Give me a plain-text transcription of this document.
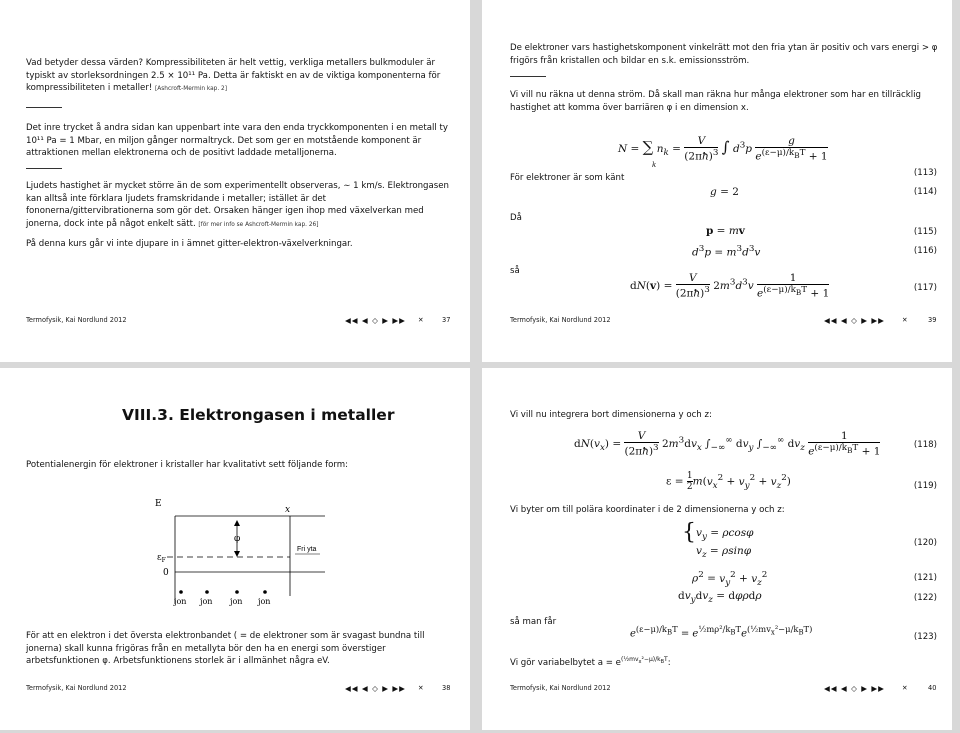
Vad betyder dessa värden? Kompressibiliteten är helt vettig, verkliga metallers bulkmoduler är typiskt av storleksordningen 2.5 × 10¹¹ Pa. Detta är faktiskt en av de viktiga komponenterna för kompressibiliteten i metaller! [Ashcroft-Mermin kap. 2]
Det inre trycket å andra sidan kan uppenbart inte vara den enda tryckkomponenten i en metall ty 10¹¹ Pa = 1 Mbar, en miljon gånger normaltryck. Det som ger en motstående komponent är attraktionen mellan elektronerna och de positivt laddade metalljonerna.
Ljudets hastighet är mycket större än de som experimentellt observeras, ∼ 1 km/s. Elektrongasen kan alltså inte förklara ljudets framskridande i metaller; istället är det fononerna/gittervibrationerna som gör det. Orsaken hänger igen ihop med växelverkan med jonerna, dock inte på något enkelt sätt. [för mer info se Ashcroft-Mermin kap. 26]
På denna kurs går vi inte djupare in i ämnet gitter-elektron-växelverkningar.
Termofysik, Kai Nordlund 2012	◀◀ ◀ ◇ ▶ ▶▶ ✕	37
De elektroner vars hastighetskomponent vinkelrätt mot den fria ytan är positiv och vars energi > φ frigörs från kristallen och bildar en s.k. emissionsström.
Vi vill nu räkna ut denna ström. Då skall man räkna hur många elektroner som har en tillräcklig hastighet att komma över barriären φ i en dimension x.
N = ∑ $n_k = \frac{V}{(2\pi ħ)^3}$ ∫ $d^3p$
g
$e^{(\varepsilon-\mu)/k_BT} + 1$
k
(113)
För elektroner är som känt
g = 2	(114)
Då
p = mv	(115)
$d^3p = m^3d^3v$	(116)
så
$dN(v) = \frac{V}{(2\pi ħ)^3} 2m^3d^3v$
1
$e^{(\varepsilon-\mu)/k_BT} + 1$	(117)
Termofysik, Kai Nordlund 2012	◀◀ ◀ ◇ ▶ ▶▶	✕	39
VIII.3. Elektrongasen i metaller
Potentialenergin för elektroner i kristaller har kvalitativt sett följande form:
E
x
φ
$\varepsilon_F$
0
Fri yta
jon jon jon jon
För att en elektron i det översta elektronbandet ( = de elektroner som är svagast bundna till jonerna) skall kunna frigöras från en metallyta bör den ha en energi som överstiger arbetsfunktionen φ. Arbetsfunktionens storlek är i allmänhet några eV.
Termofysik, Kai Nordlund 2012	◀◀ ◀ ◇ ▶ ▶▶ ✕	38
Vi vill nu integrera bort dimensionerna y och z:
$dN(v_x) = \frac{V}{(2\pi ħ)^3} 2m^3dv_x$ $\int_{-\infty}^\infty$ $dv_y$ $\int_{-\infty}^\infty$ $dv_z$
1
$e^{(\varepsilon-\mu)/k_BT} + 1$
(118)
$\varepsilon = \frac{1}{2} m(v_x^2 + v_y^2 + v_z^2)$	(119)
Vi byter om till polära koordinater i de 2 dimensionerna y och z:
{$v_y = \rho\cos\varphi$
$v_z = \rho\sin\varphi$
(120)
$\rho^2 = v_y^2 + v_z^2$	(121)
$dv_ydv_z = d\varphi\rho d\rho$	(122)
så man får
$e^{(\varepsilon-\mu)/k_BT} = e^{\frac{1}{2}m\rho^2/k_BT}e^{(\frac{1}{2}mv_x^2-\mu/k_BT)}$
(123)
Vi gör variabelbytet $a = e^{(\frac{1}{2}mv_x^2-\mu)/k_BT}$:
Termofysik, Kai Nordlund 2012	◀◀ ◀ ◇ ▶ ▶▶	✕	40
